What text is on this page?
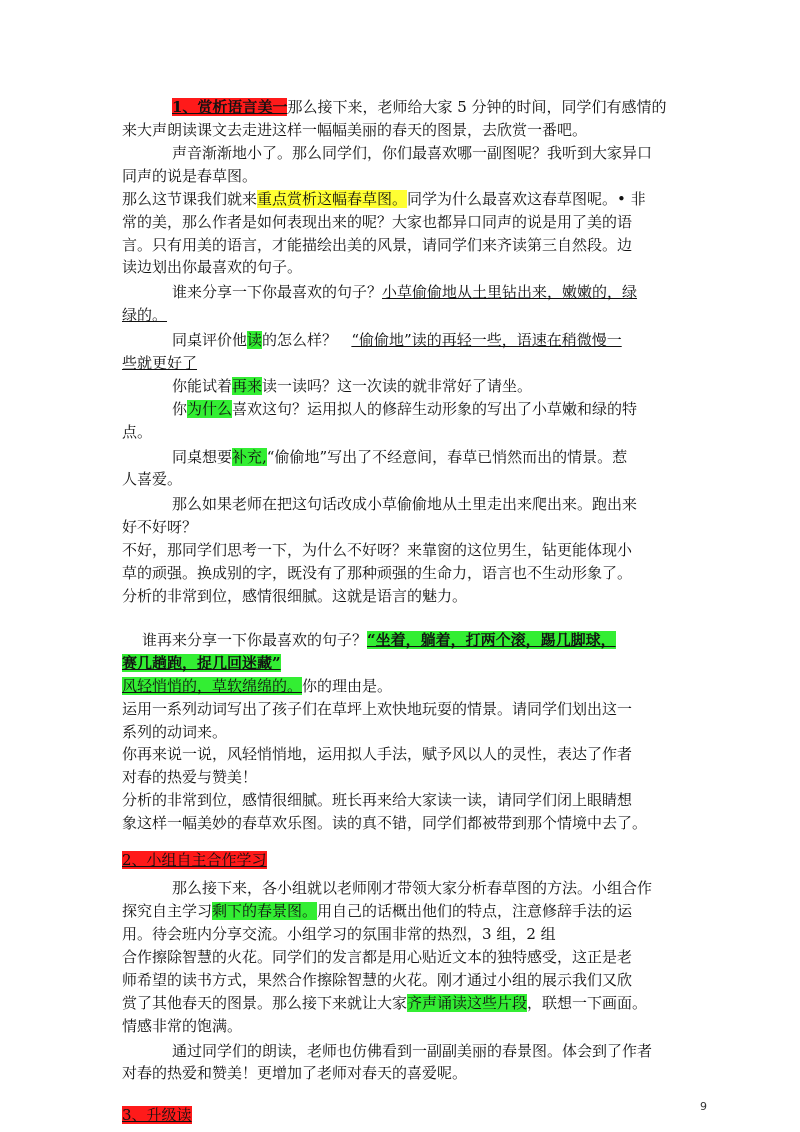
1、赏析语言美一那么接下来，老师给大家 5 分钟的时间，同学们有感情的
来大声朗读课文去走进这样一幅幅美丽的春天的图景，去欣赏一番吧。
声音渐渐地小了。那么同学们，你们最喜欢哪一副图呢？我听到大家异口
同声的说是春草图。
那么这节课我们就来重点赏析这幅春草图。同学为什么最喜欢这春草图呢。• 非
常的美，那么作者是如何表现出来的呢？大家也都异口同声的说是用了美的语
言。只有用美的语言，才能描绘出美的风景，请同学们来齐读第三自然段。边
读边划出你最喜欢的句子。
谁来分享一下你最喜欢的句子？小草偷偷地从土里钻出来，嫩嫩的，绿
绿的。
同桌评价他读的怎么样？ “偷偷地”读的再轻一些，语速在稍微慢一
些就更好了
你能试着再来读一读吗？这一次读的就非常好了请坐。
你为什么喜欢这句？运用拟人的修辞生动形象的写出了小草嫩和绿的特
点。
同桌想要补充,“偷偷地”写出了不经意间，春草已悄然而出的情景。惹
人喜爱。
那么如果老师在把这句话改成小草偷偷地从土里走出来爬出来。跑出来
好不好呀？
不好，那同学们思考一下，为什么不好呀？来靠窗的这位男生，钻更能体现小
草的顽强。换成别的字，既没有了那种顽强的生命力，语言也不生动形象了。
分析的非常到位，感情很细腻。这就是语言的魅力。
谁再来分享一下你最喜欢的句子？“坐着，躺着，打两个滚，踢几脚球，
赛几趟跑，捉几回迷藏”
风轻悄悄的，草软绵绵的。你的理由是。
运用一系列动词写出了孩子们在草坪上欢快地玩耍的情景。请同学们划出这一
系列的动词来。
你再来说一说，风轻悄悄地，运用拟人手法，赋予风以人的灵性，表达了作者
对春的热爱与赞美！
分析的非常到位，感情很细腻。班长再来给大家读一读，请同学们闭上眼睛想
象这样一幅美妙的春草欢乐图。读的真不错，同学们都被带到那个情境中去了。
2、小组自主合作学习
那么接下来，各小组就以老师刚才带领大家分析春草图的方法。小组合作
探究自主学习剩下的春景图。用自己的话概出他们的特点，注意修辞手法的运
用。待会班内分享交流。小组学习的氛围非常的热烈，3 组，2 组
合作擦除智慧的火花。同学们的发言都是用心贴近文本的独特感受，这正是老
师希望的读书方式，果然合作擦除智慧的火花。刚才通过小组的展示我们又欣
赏了其他春天的图景。那么接下来就让大家齐声诵读这些片段，联想一下画面。
情感非常的饱满。
通过同学们的朗读，老师也仿佛看到一副副美丽的春景图。体会到了作者
对春的热爱和赞美！更增加了老师对春天的喜爱呢。
9
3、升级读
